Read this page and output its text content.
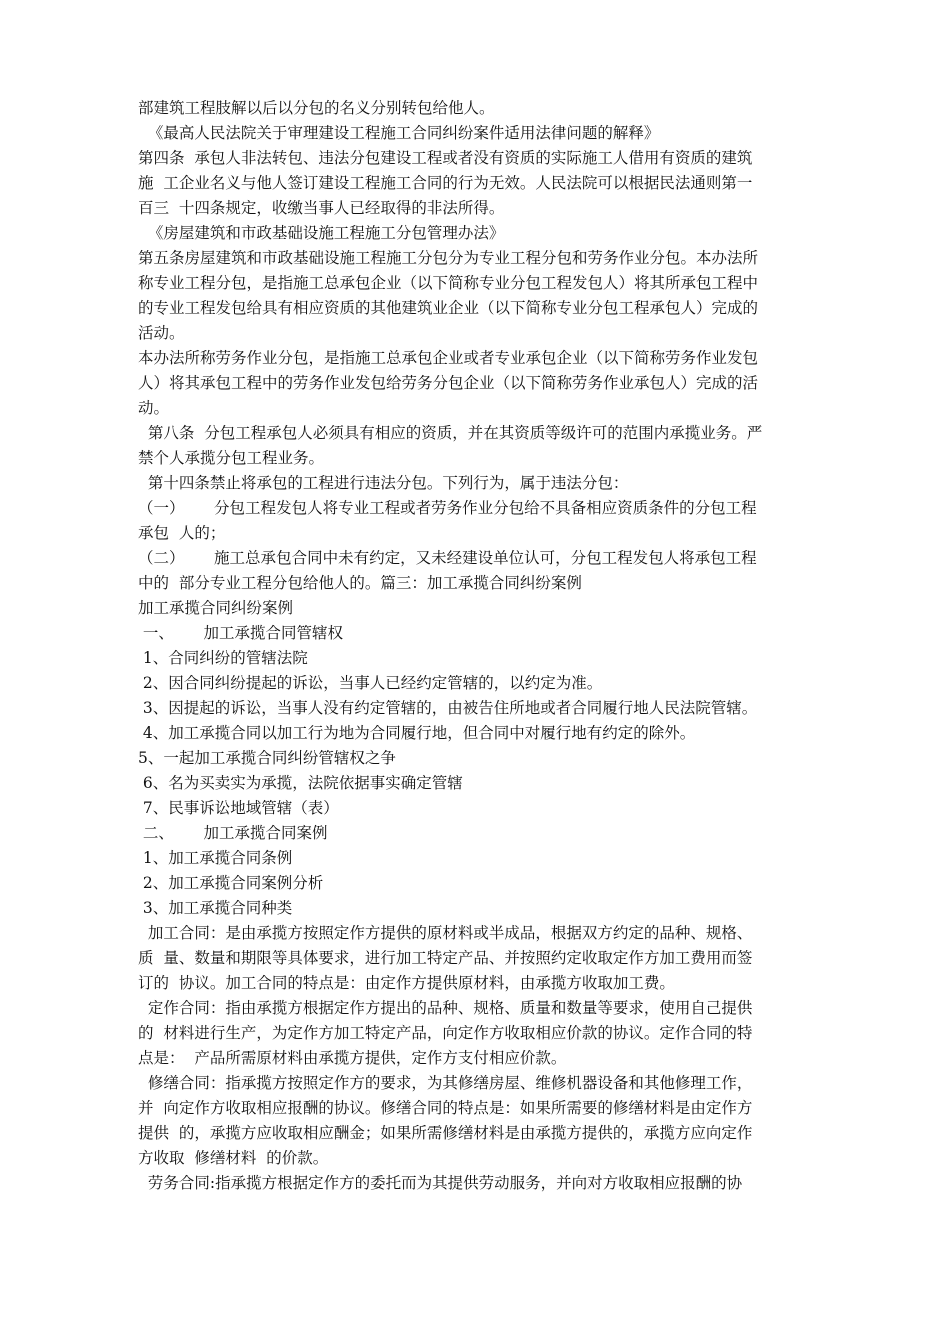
部建筑工程肢解以后以分包的名义分别转包给他人。
《最高人民法院关于审理建设工程施工合同纠纷案件适用法律问题的解释》
第四条  承包人非法转包、违法分包建设工程或者没有资质的实际施工人借用有资质的建筑
施  工企业名义与他人签订建设工程施工合同的行为无效。人民法院可以根据民法通则第一
百三  十四条规定，收缴当事人已经取得的非法所得。
《房屋建筑和市政基础设施工程施工分包管理办法》
第五条房屋建筑和市政基础设施工程施工分包分为专业工程分包和劳务作业分包。本办法所
称专业工程分包，是指施工总承包企业（以下简称专业分包工程发包人）将其所承包工程中
的专业工程发包给具有相应资质的其他建筑业企业（以下简称专业分包工程承包人）完成的
活动。
本办法所称劳务作业分包，是指施工总承包企业或者专业承包企业（以下简称劳务作业发包
人）将其承包工程中的劳务作业发包给劳务分包企业（以下简称劳务作业承包人）完成的活
动。
第八条  分包工程承包人必须具有相应的资质，并在其资质等级许可的范围内承揽业务。严
禁个人承揽分包工程业务。
第十四条禁止将承包的工程进行违法分包。下列行为，属于违法分包：
（一）      分包工程发包人将专业工程或者劳务作业分包给不具备相应资质条件的分包工程
承包  人的；
（二）      施工总承包合同中未有约定，又未经建设单位认可，分包工程发包人将承包工程
中的  部分专业工程分包给他人的。篇三：加工承揽合同纠纷案例
加工承揽合同纠纷案例
一、      加工承揽合同管辖权
1、合同纠纷的管辖法院
2、因合同纠纷提起的诉讼，当事人已经约定管辖的，以约定为准。
3、因提起的诉讼，当事人没有约定管辖的，由被告住所地或者合同履行地人民法院管辖。
4、加工承揽合同以加工行为地为合同履行地，但合同中对履行地有约定的除外。
5、一起加工承揽合同纠纷管辖权之争
6、名为买卖实为承揽，法院依据事实确定管辖
7、民事诉讼地域管辖（表）
二、      加工承揽合同案例
1、加工承揽合同条例
2、加工承揽合同案例分析
3、加工承揽合同种类
加工合同：是由承揽方按照定作方提供的原材料或半成品，根据双方约定的品种、规格、
质  量、数量和期限等具体要求，进行加工特定产品、并按照约定收取定作方加工费用而签
订的  协议。加工合同的特点是：由定作方提供原材料，由承揽方收取加工费。
定作合同：指由承揽方根据定作方提出的品种、规格、质量和数量等要求，使用自己提供
的  材料进行生产，为定作方加工特定产品，向定作方收取相应价款的协议。定作合同的特
点是：  产品所需原材料由承揽方提供，定作方支付相应价款。
修缮合同：指承揽方按照定作方的要求，为其修缮房屋、维修机器设备和其他修理工作，
并  向定作方收取相应报酬的协议。修缮合同的特点是：如果所需要的修缮材料是由定作方
提供  的，承揽方应收取相应酬金；如果所需修缮材料是由承揽方提供的，承揽方应向定作
方收取  修缮材料  的价款。
劳务合同:指承揽方根据定作方的委托而为其提供劳动服务，并向对方收取相应报酬的协
